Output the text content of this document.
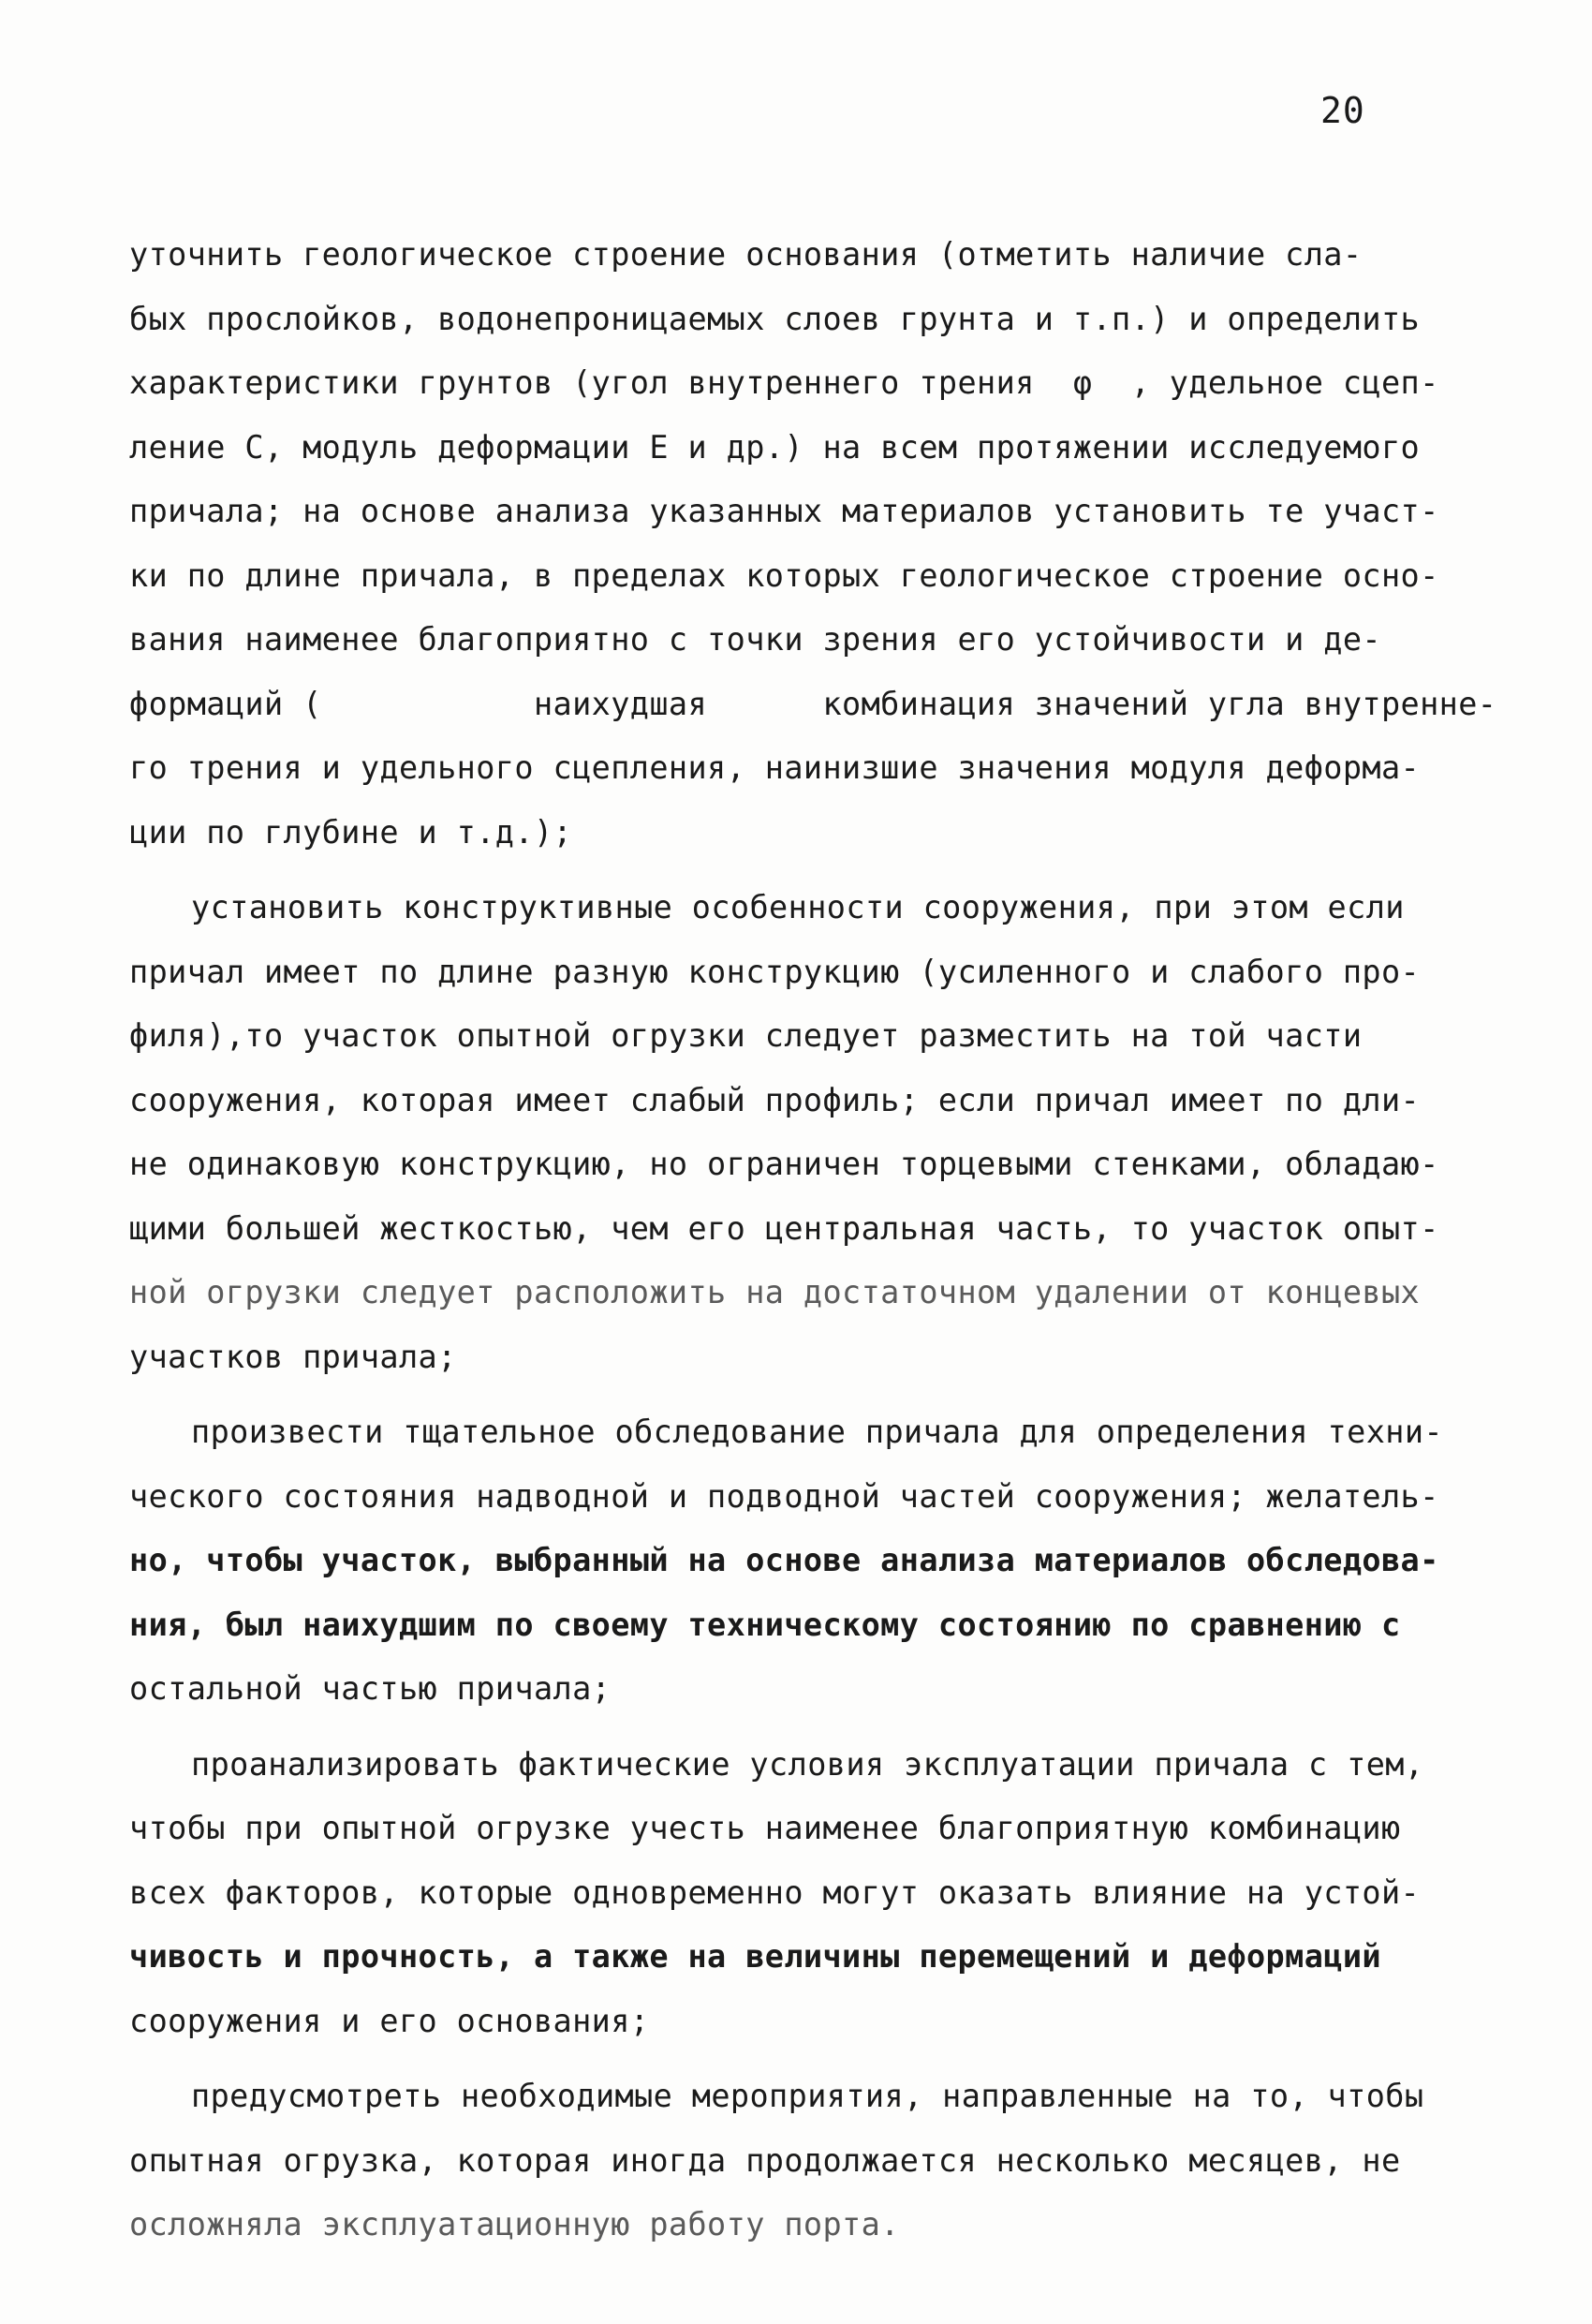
20
уточнить геологическое строение основания (отметить наличие сла-
бых прослойков, водонепроницаемых слоев грунта и т.п.) и определить
характеристики грунтов (угол внутреннего трения  φ  , удельное сцеп-
ление С, модуль деформации Е и др.) на всем протяжении исследуемого
причала; на основе анализа указанных материалов установить те участ-
ки по длине причала, в пределах которых геологическое строение осно-
вания наименее благоприятно с точки зрения его устойчивости и де-
формаций (           наихудшая      комбинация значений угла внутренне-
го трения и удельного сцепления, наинизшие значения модуля деформа-
ции по глубине и т.д.);
установить конструктивные особенности сооружения, при этом если
причал имеет по длине разную конструкцию (усиленного и слабого про-
филя),то участок опытной огрузки следует разместить на той части
сооружения, которая имеет слабый профиль; если причал имеет по дли-
не одинаковую конструкцию, но ограничен торцевыми стенками, обладаю-
щими большей жесткостью, чем его центральная часть, то участок опыт-
ной огрузки следует расположить на достаточном удалении от концевых
участков причала;
произвести тщательное обследование причала для определения техни-
ческого состояния надводной и подводной частей сооружения; желатель-
но, чтобы участок, выбранный на основе анализа материалов обследова-
ния, был наихудшим по своему техническому состоянию по сравнению с
остальной частью причала;
проанализировать фактические условия эксплуатации причала с тем,
чтобы при опытной огрузке учесть наименее благоприятную комбинацию
всех факторов, которые одновременно могут оказать влияние на устой-
чивость и прочность, а также на величины перемещений и деформаций
сооружения и его основания;
предусмотреть необходимые мероприятия, направленные на то, чтобы
опытная огрузка, которая иногда продолжается несколько месяцев, не
осложняла эксплуатационную работу порта.
